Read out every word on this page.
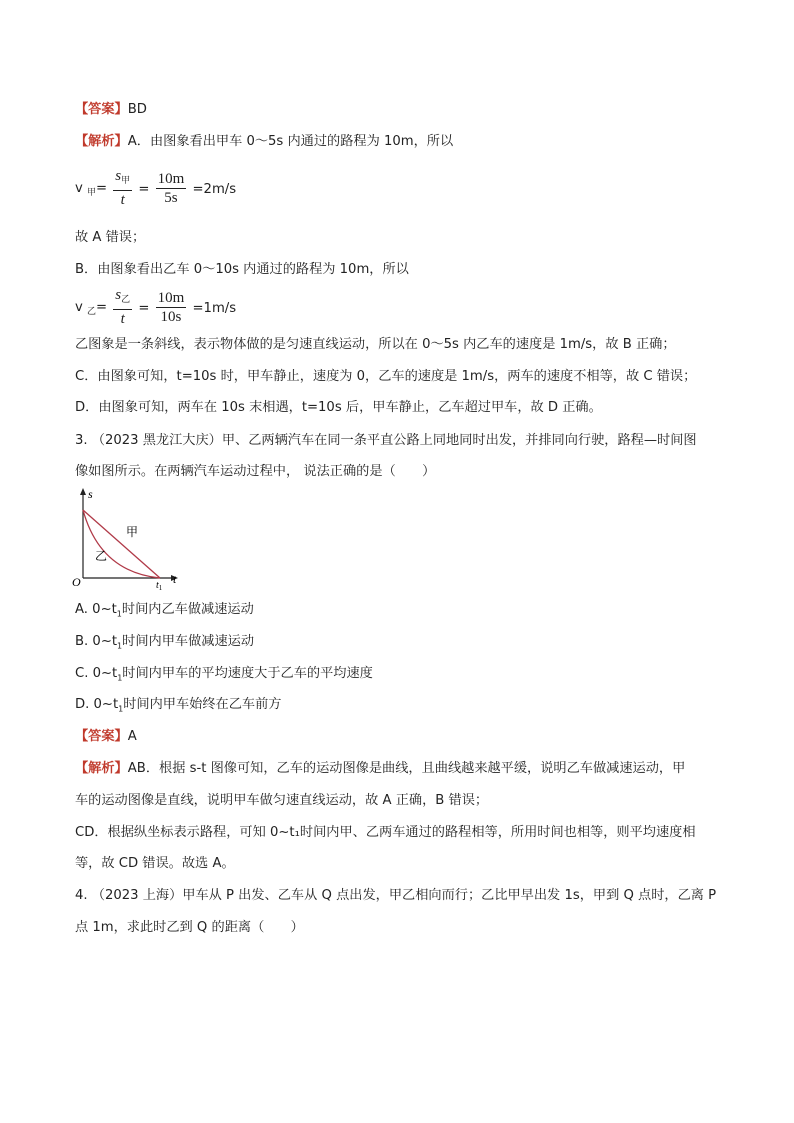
【答案】BD
【解析】A．由图象看出甲车 0～5s 内通过的路程为 10m，所以
v $_甲= \frac{s_甲}{t} = \frac{10m}{5s} =2m/s$
故 A 错误；
B．由图象看出乙车 0～10s 内通过的路程为 10m，所以
v $_乙= \frac{s_乙}{t} = \frac{10m}{10s} =1m/s$
乙图象是一条斜线，表示物体做的是匀速直线运动，所以在 0～5s 内乙车的速度是 1m/s，故 B 正确；
C．由图象可知，t=10s 时，甲车静止，速度为 0，乙车的速度是 1m/s，两车的速度不相等，故 C 错误；
D．由图象可知，两车在 10s 末相遇，t=10s 后，甲车静止，乙车超过甲车，故 D 正确。
3. （2023 黑龙江大庆）甲、乙两辆汽车在同一条平直公路上同地同时出发，并排同向行驶，路程—时间图
像如图所示。在两辆汽车运动过程中， 说法正确的是（　　）
s
t
O	$t_1$
甲
乙
A. $0\sim t_1$时间内乙车做减速运动
B. $0\sim t_1$时间内甲车做减速运动
C. $0\sim t_1$时间内甲车的平均速度大于乙车的平均速度
D. $0\sim t_1$时间内甲车始终在乙车前方
【答案】A
【解析】AB．根据 s-t 图像可知，乙车的运动图像是曲线，且曲线越来越平缓，说明乙车做减速运动，甲
车的运动图像是直线，说明甲车做匀速直线运动，故 A 正确，B 错误；
CD．根据纵坐标表示路程，可知 0~t₁时间内甲、乙两车通过的路程相等，所用时间也相等，则平均速度相
等，故 CD 错误。故选 A。
4. （2023 上海）甲车从 P 出发、乙车从 Q 点出发，甲乙相向而行；乙比甲早出发 1s，甲到 Q 点时，乙离 P
点 1m，求此时乙到 Q 的距离（　　）
